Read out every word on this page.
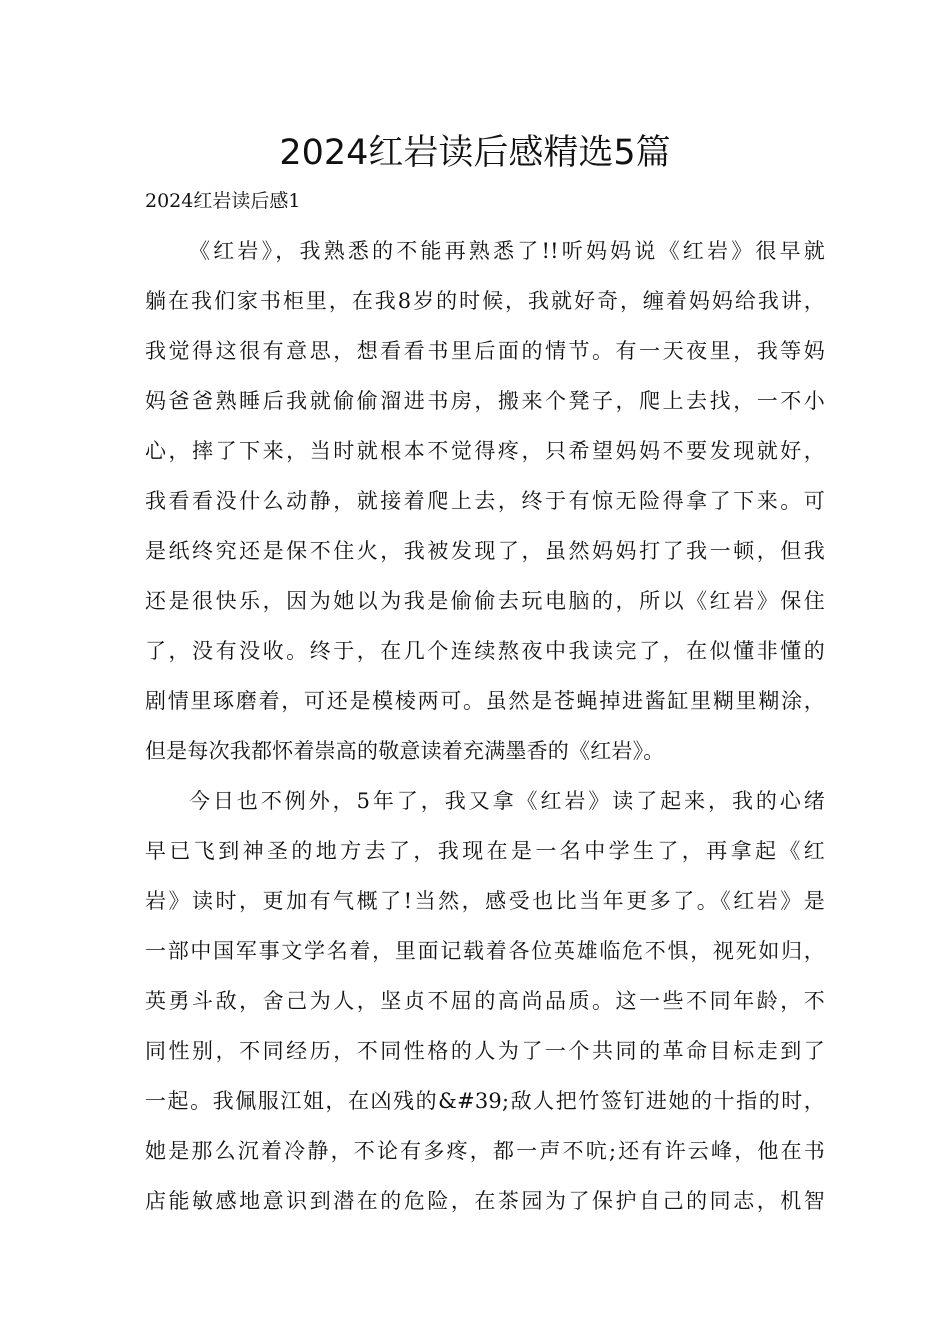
2024红岩读后感精选5篇
2024红岩读后感1
《红岩》，我熟悉的不能再熟悉了!!听妈妈说《红岩》很早就
躺在我们家书柜里，在我8岁的时候，我就好奇，缠着妈妈给我讲，
我觉得这很有意思，想看看书里后面的情节。有一天夜里，我等妈
妈爸爸熟睡后我就偷偷溜进书房，搬来个凳子，爬上去找，一不小
心，摔了下来，当时就根本不觉得疼，只希望妈妈不要发现就好，
我看看没什么动静，就接着爬上去，终于有惊无险得拿了下来。可
是纸终究还是保不住火，我被发现了，虽然妈妈打了我一顿，但我
还是很快乐，因为她以为我是偷偷去玩电脑的，所以《红岩》保住
了，没有没收。终于，在几个连续熬夜中我读完了，在似懂非懂的
剧情里琢磨着，可还是模棱两可。虽然是苍蝇掉进酱缸里糊里糊涂，
但是每次我都怀着崇高的敬意读着充满墨香的《红岩》。
今日也不例外，5年了，我又拿《红岩》读了起来，我的心绪
早已飞到神圣的地方去了，我现在是一名中学生了，再拿起《红
岩》读时，更加有气概了!当然，感受也比当年更多了。《红岩》是
一部中国军事文学名着，里面记载着各位英雄临危不惧，视死如归，
英勇斗敌，舍己为人，坚贞不屈的高尚品质。这一些不同年龄，不
同性别，不同经历，不同性格的人为了一个共同的革命目标走到了
一起。我佩服江姐，在凶残的&#39;敌人把竹签钉进她的十指的时，
她是那么沉着冷静，不论有多疼，都一声不吭;还有许云峰，他在书
店能敏感地意识到潜在的危险，在茶园为了保护自己的同志，机智
